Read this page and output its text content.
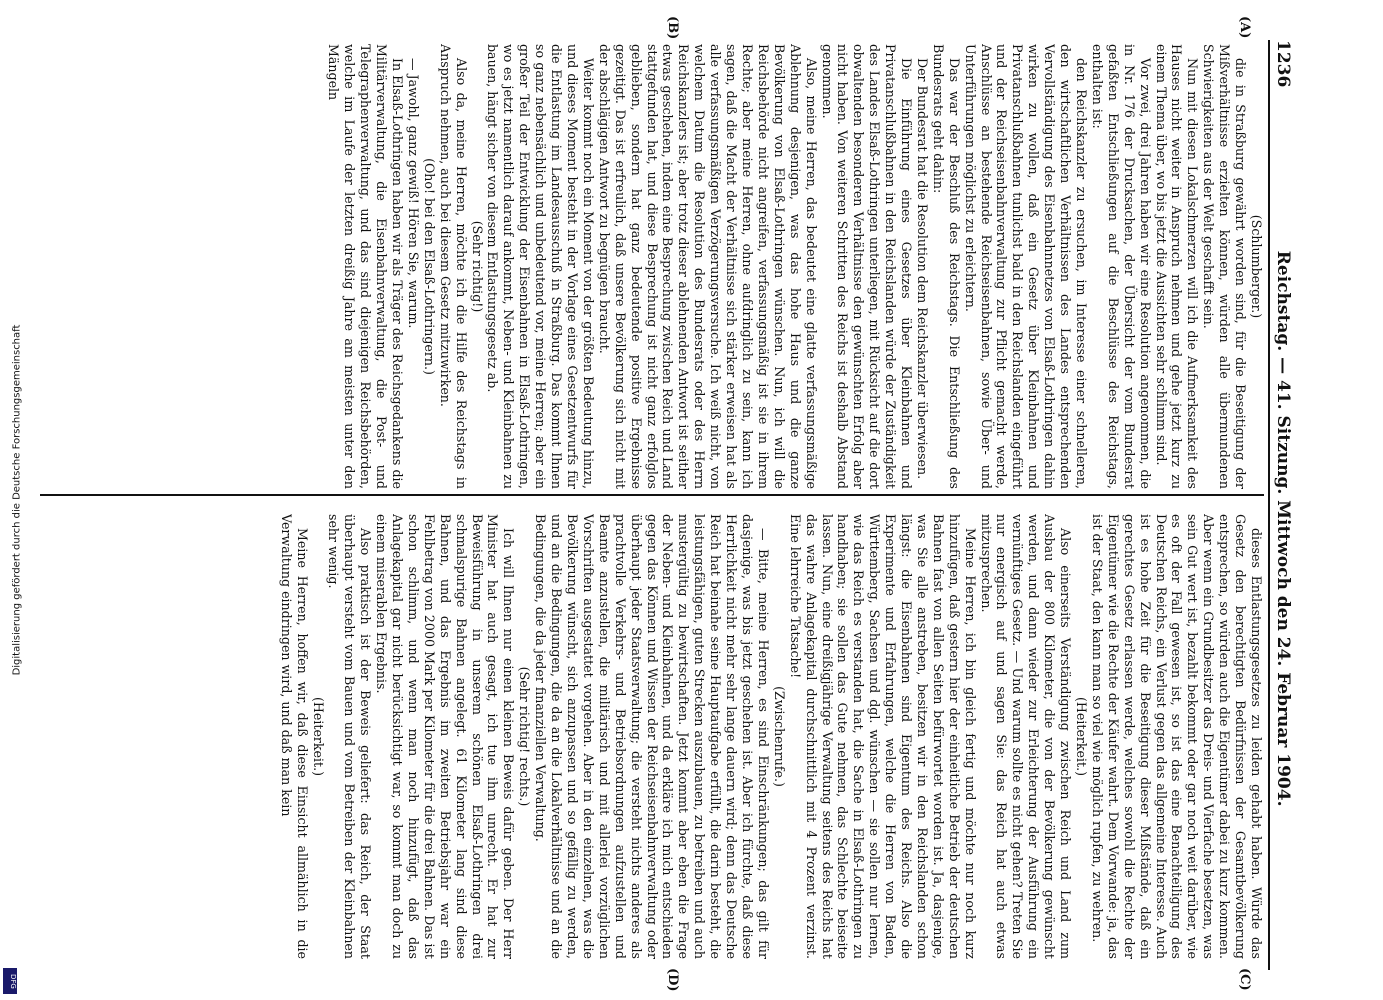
1236
Reichstag. — 41. Sitzung. Mittwoch den 24. Februar 1904.
(A)
(B)
(C)
(D)

(Schlumberger.)

die in Straßburg gewährt worden sind, für die Beseitigung der Mißverhältnisse erzielten können, würden alle übermundenen Schwierigkeiten aus der Welt geschafft sein.

Nun mit diesen Lokalschmerzen will ich die Aufmerksamkeit des Hauses nicht weiter in Anspruch nehmen und gehe jetzt kurz zu einem Thema über, wo bis jetzt die Aussichten sehr schlimm sind.

Vor zwei, drei Jahren haben wir eine Resolution angenommen, die in Nr. 176 der Drucksachen, der Übersicht der vom Bundesrat gefaßten Entschließungen auf die Beschlüsse des Reichstags, enthalten ist:

den Reichskanzler zu ersuchen, im Interesse einer schnelleren, den wirtschaftlichen Verhältnissen des Landes entsprechenden Vervollständigung des Eisenbahnnetzes von Elsaß-Lothringen dahin wirken zu wollen, daß ein Gesetz über Kleinbahnen und Privatanschlußbahnen tunlichst bald in den Reichslanden eingeführt und der Reichseisenbahnverwaltung zur Pflicht gemacht werde, Anschlüsse an bestehende Reichseisenbahnen, sowie Über- und Unterführungen möglichst zu erleichtern.

Das war der Beschluß des Reichstags. Die Entschließung des Bundesrats geht dahin:

Der Bundesrat hat die Resolution dem Reichskanzler überwiesen.

Die Einführung eines Gesetzes über Kleinbahnen und Privatanschlußbahnen in den Reichslanden würde der Zuständigkeit des Landes Elsaß-Lothringen unterliegen, mit Rücksicht auf die dort obwaltenden besonderen Verhältnisse den gewünschten Erfolg aber nicht haben. Von weiteren Schritten des Reichs ist deshalb Abstand genommen.

Also, meine Herren, das bedeutet eine glatte verfassungsmäßige Ablehnung desjenigen, was das hohe Haus und die ganze Bevölkerung von Elsaß-Lothringen wünschen. Nun, ich will die Reichsbehörde nicht angreifen, verfassungsmäßig ist sie in ihrem Rechte; aber meine Herren, ohne aufdringlich zu sein, kann ich sagen, daß die Macht der Verhältnisse sich stärker erweisen hat als alle verfassungsmäßigen Verzögerungsversuche. Ich weiß nicht, von welchem Datum die Resolution des Bundesrats oder des Herrn Reichskanzlers ist; aber trotz dieser ablehnenden Antwort ist seither etwas geschehen, indem eine Besprechung zwischen Reich und Land stattgefunden hat, und diese Besprechung ist nicht ganz erfolglos geblieben, sondern hat ganz bedeutende positive Ergebnisse gezeitigt. Das ist erfreulich, daß unsere Bevölkerung sich nicht mit der abschlägigen Antwort zu begnügen braucht.

Weiter kommt noch ein Moment von der größten Bedeutung hinzu, und dieses Moment besteht in der Vorlage eines Gesetzentwurfs für die Entlastung im Landesausschuß in Straßburg. Das kommt Ihnen so ganz nebensächlich und unbedeutend vor, meine Herren; aber ein großer Teil der Entwicklung der Eisenbahnen in Elsaß-Lothringen, wo es jetzt namentlich darauf ankommt, Neben- und Kleinbahnen zu bauen, hängt sicher von diesem Entlastungsgesetz ab.

(Sehr richtig!)

Also da, meine Herren, möchte ich die Hilfe des Reichstags in Anspruch nehmen, auch bei diesem Gesetz mitzuwirken.

(Oho! bei den Elsaß-Lothringern.)

— Jawohl, ganz gewiß! Hören Sie, warum.

In Elsaß-Lothringen haben wir als Träger des Reichsgedankens die Militärverwaltung, die Eisenbahnverwaltung, die Post- und Telegraphenverwaltung, und das sind diejenigen Reichsbehörden, welche im Laufe der letzten dreißig Jahre am meisten unter den Mängeln

dieses Entlastungsgesetzes zu leiden gehabt haben. Würde das Gesetz den berechtigten Bedürfnissen der Gesamtbevölkerung entsprechen, so würden auch die Eigentümer dabei zu kurz kommen. Aber wenn ein Grundbesitzer das Dreis- und Vierfache besetzen, was sein Gut wert ist, bezahlt bekommt oder gar noch weit darüber, wie es oft der Fall gewesen ist, so ist das eine Benachteiligung des Deutschen Reichs, ein Verlust gegen das allgemeine Interesse. Auch ist es hohe Zeit für die Beseitigung dieser Mißstände, daß ein gerechtes Gesetz erlassen werde, welches sowohl die Rechte der Eigentümer wie die Rechte der Käufer wahrt. Dem Vorwande: ja, das ist der Staat, den kann man so viel wie möglich rupfen, zu wehren.

(Heiterkeit.)

Also einerseits Verständigung zwischen Reich und Land zum Ausbau der 800 Kilometer, die von der Bevölkerung gewünscht werden, und dann wieder zur Erleichterung der Ausführung ein vernünftiges Gesetz. — Und warum sollte es nicht gehen? Treten Sie nur energisch auf und sagen Sie: das Reich hat auch etwas mitzusprechen.

Meine Herren, ich bin gleich fertig und möchte nur noch kurz hinzufügen, daß gestern hier der einheitliche Betrieb der deutschen Bahnen fast von allen Seiten befürwortet worden ist. Ja, dasjenige, was Sie alle anstreben, besitzen wir in den Reichslanden schon längst: die Eisenbahnen sind Eigentum des Reichs. Also die Experimente und Erfahrungen, welche die Herren von Baden, Württemberg, Sachsen und dgl. wünschen — sie sollen nur lernen, wie das Reich es verstanden hat, die Sache in Elsaß-Lothringen zu handhaben; sie sollen das Gute nehmen, das Schlechte beiseite lassen. Nun, eine dreißigjährige Verwaltung seitens des Reichs hat das wahre Anlagekapital durchschnittlich mit 4 Prozent verzinst. Eine lehrreiche Tatsache!

(Zwischenrufe.)

— Bitte, meine Herren, es sind Einschränkungen; das gilt für dasjenige, was bis jetzt geschehen ist. Aber ich fürchte, daß diese Herrlichkeit nicht mehr sehr lange dauern wird; denn das Deutsche Reich hat beinahe seine Hauptaufgabe erfüllt, die darin besteht, die leistungsfähigen, guten Strecken auszubauen, zu betreiben und auch mustergültig zu bewirtschaften. Jetzt kommt aber eben die Frage der Neben- und Kleinbahnen, und da erkläre ich mich entschieden gegen das Können und Wissen der Reichseisenbahnverwaltung oder überhaupt jeder Staatsverwaltung; die versteht nichts anderes als prachtvolle Verkehrs- und Betriebsordnungen aufzustellen und Beamte anzustellen, die militärisch und mit allerlei vorzüglichen Vorschriften ausgestattet vorgehen. Aber in den einzelnen, was die Bevölkerung wünscht, sich anzupassen und so gefällig zu werden, und an die Bedingungen, die da an die Lokalverhältnisse und an die Bedingungen, die da jeder finanziellen Verwaltung.

(Sehr richtig! rechts.)

Ich will Ihnen nur einen kleinen Beweis dafür geben. Der Herr Minister hat auch gesagt, ich tue ihm unrecht. Er hat zur Beweisführung in unserem schönen Elsaß-Lothringen drei schmalspurige Bahnen angelegt. 61 Kilometer lang sind diese Bahnen, und das Ergebnis im zweiten Betriebsjahr war ein Fehlbetrag von 2000 Mark per Kilometer für die drei Bahnen. Das ist schon schlimm, und wenn man noch hinzufügt, daß das Anlagekapital gar nicht berücksichtigt war, so kommt man doch zu einem miserablen Ergebnis.

Also praktisch ist der Beweis geliefert: das Reich, der Staat überhaupt versteht vom Bauen und vom Betreiben der Kleinbahnen sehr wenig.

(Heiterkeit.)

Meine Herren, hoffen wir, daß diese Einsicht allmählich in die Verwaltung eindringen wird, und daß man kein

Digitalisierung gefördert durch die Deutsche Forschungsgemeinschaft
DFG
